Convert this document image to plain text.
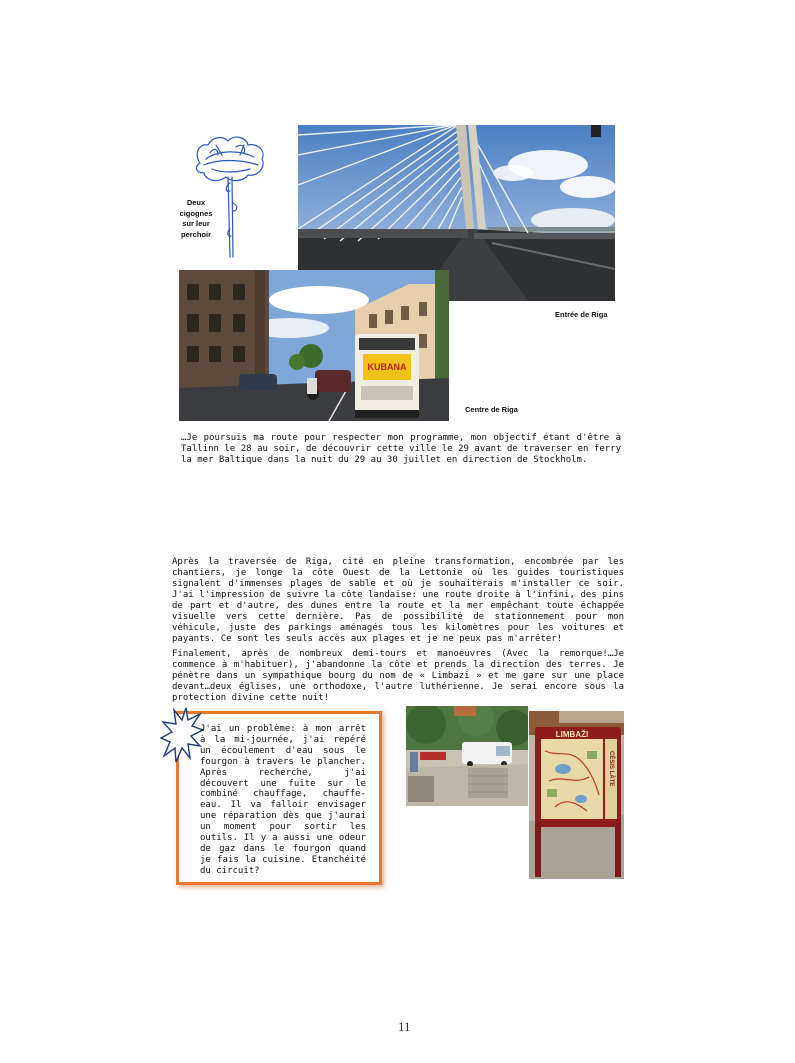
Deux
cigognes
sur leur
perchoir
Entrée de Riga
KUBANA
Centre de Riga

…Je poursuis ma route pour respecter mon programme, mon objectif étant d'être à Tallinn le 28 au soir, de découvrir cette ville le 29 avant de traverser en ferry la mer Baltique dans la nuit du 29 au 30 juillet en direction de Stockholm.

Après la traversée de Riga, cité en pleine transformation, encombrée par les chantiers, je longe la côte Ouest de la Lettonie où les guides touristiques signalent d'immenses plages de sable et où je souhaiterais m'installer ce soir. J'ai l'impression de suivre la côte landaise: une route droite à l'infini, des pins de part et d'autre, des dunes entre la route et la mer empêchant toute échappée visuelle vers cette dernière. Pas de possibilité de stationnement pour mon véhicule, juste des parkings aménagés tous les kilomètres pour les voitures et payants. Ce sont les seuls accès aux plages et je ne peux pas m'arrêter!

Finalement, après de nombreux demi-tours et manoeuvres (Avec la remorque!…Je commence à m'habituer), j'abandonne la côte et prends la direction des terres. Je pénètre dans un sympathique bourg du nom de « Limbazi » et me gare sur une place devant…deux églises, une orthodoxe, l'autre luthérienne. Je serai encore sous la protection divine cette nuit!

J'ai un problème: à mon arrêt à la mi-journée, j'ai repéré un écoulement d'eau sous le fourgon à travers le plancher. Après recherche, j'ai découvert une fuite sur le combiné chauffage, chauffe-eau. Il va falloir envisager une réparation dès que j'aurai un moment pour sortir les outils. Il y a aussi une odeur de gaz dans le fourgon quand je fais la cuisine. Etanchéité du circuit?

LIMBAŽI
CĒSIS LĀTE
11
